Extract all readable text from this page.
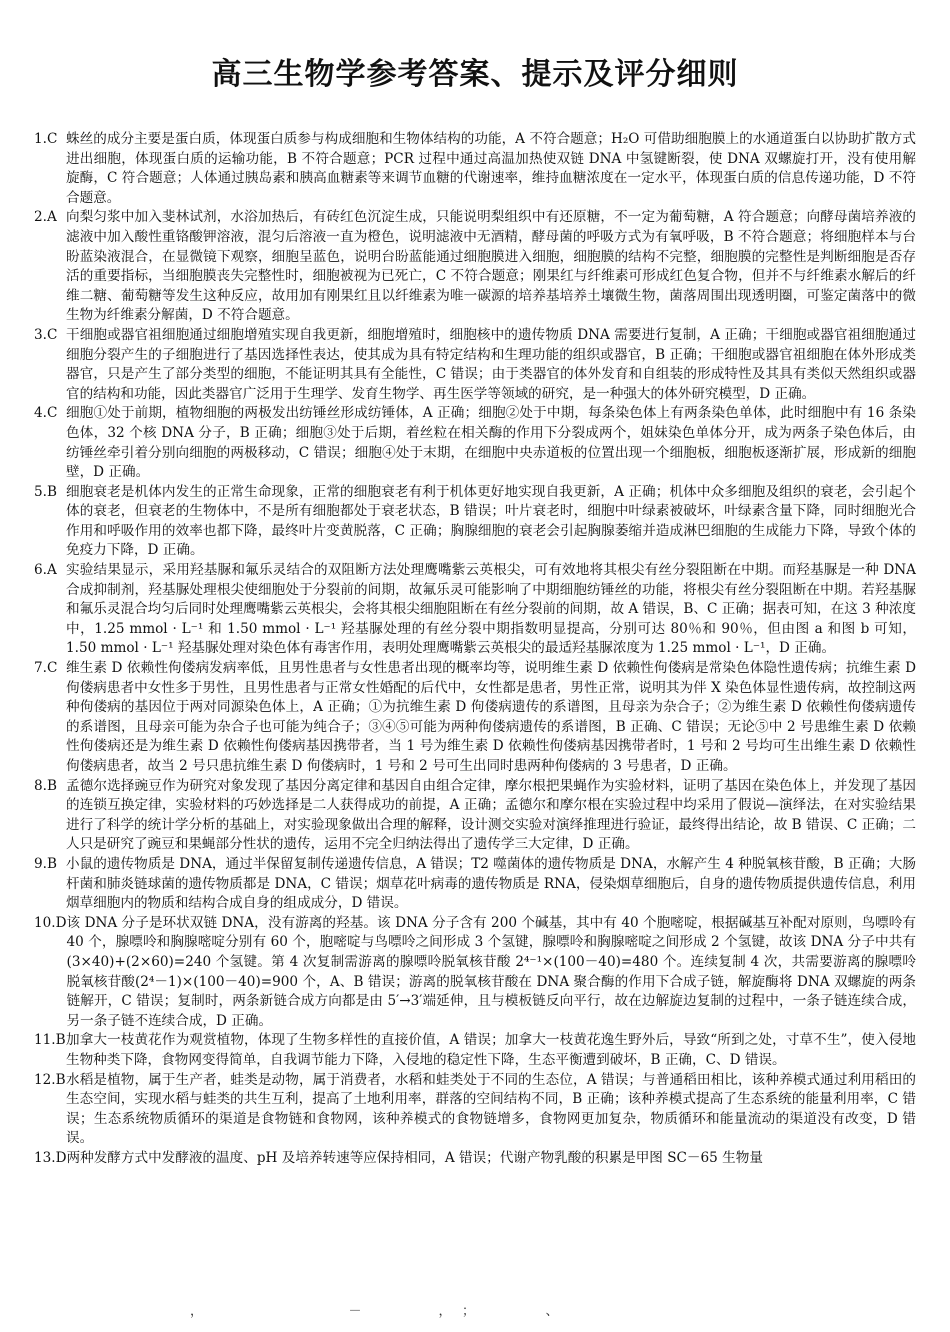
高三生物学参考答案、提示及评分细则
1.C 蛛丝的成分主要是蛋白质，体现蛋白质参与构成细胞和生物体结构的功能，A 不符合题意；H₂O 可借助细胞膜上的水通道蛋白以协助扩散方式进出细胞，体现蛋白质的运输功能，B 不符合题意；PCR 过程中通过高温加热使双链 DNA 中氢键断裂，使 DNA 双螺旋打开，没有使用解旋酶，C 符合题意；人体通过胰岛素和胰高血糖素等来调节血糖的代谢速率，维持血糖浓度在一定水平，体现蛋白质的信息传递功能，D 不符合题意。
2.A 向梨匀浆中加入斐林试剂，水浴加热后，有砖红色沉淀生成，只能说明梨组织中有还原糖，不一定为葡萄糖，A 符合题意；向酵母菌培养液的滤液中加入酸性重铬酸钾溶液，混匀后溶液一直为橙色，说明滤液中无酒精，酵母菌的呼吸方式为有氧呼吸，B 不符合题意；将细胞样本与台盼蓝染液混合，在显微镜下观察，细胞呈蓝色，说明台盼蓝能通过细胞膜进入细胞，细胞膜的结构不完整，细胞膜的完整性是判断细胞是否存活的重要指标，当细胞膜丧失完整性时，细胞被视为已死亡，C 不符合题意；刚果红与纤维素可形成红色复合物，但并不与纤维素水解后的纤维二糖、葡萄糖等发生这种反应，故用加有刚果红且以纤维素为唯一碳源的培养基培养土壤微生物，菌落周围出现透明圈，可鉴定菌落中的微生物为纤维素分解菌，D 不符合题意。
3.C 干细胞或器官祖细胞通过细胞增殖实现自我更新，细胞增殖时，细胞核中的遗传物质 DNA 需要进行复制，A 正确；干细胞或器官祖细胞通过细胞分裂产生的子细胞进行了基因选择性表达，使其成为具有特定结构和生理功能的组织或器官，B 正确；干细胞或器官祖细胞在体外形成类器官，只是产生了部分类型的细胞，不能证明其具有全能性，C 错误；由于类器官的体外发育和自组装的形成特性及其具有类似天然组织或器官的结构和功能，因此类器官广泛用于生理学、发育生物学、再生医学等领域的研究，是一种强大的体外研究模型，D 正确。
4.C 细胞①处于前期，植物细胞的两极发出纺锤丝形成纺锤体，A 正确；细胞②处于中期，每条染色体上有两条染色单体，此时细胞中有 16 条染色体，32 个核 DNA 分子，B 正确；细胞③处于后期，着丝粒在相关酶的作用下分裂成两个，姐妹染色单体分开，成为两条子染色体后，由纺锤丝牵引着分别向细胞的两极移动，C 错误；细胞④处于末期，在细胞中央赤道板的位置出现一个细胞板，细胞板逐渐扩展，形成新的细胞壁，D 正确。
5.B 细胞衰老是机体内发生的正常生命现象，正常的细胞衰老有利于机体更好地实现自我更新，A 正确；机体中众多细胞及组织的衰老，会引起个体的衰老，但衰老的生物体中，不是所有细胞都处于衰老状态，B 错误；叶片衰老时，细胞中叶绿素被破坏，叶绿素含量下降，同时细胞光合作用和呼吸作用的效率也都下降，最终叶片变黄脱落，C 正确；胸腺细胞的衰老会引起胸腺萎缩并造成淋巴细胞的生成能力下降，导致个体的免疫力下降，D 正确。
6.A 实验结果显示，采用羟基脲和氟乐灵结合的双阻断方法处理鹰嘴紫云英根尖，可有效地将其根尖有丝分裂阻断在中期。而羟基脲是一种 DNA 合成抑制剂，羟基脲处理根尖使细胞处于分裂前的间期，故氟乐灵可能影响了中期细胞纺锤丝的功能，将根尖有丝分裂阻断在中期。若羟基脲和氟乐灵混合均匀后同时处理鹰嘴紫云英根尖，会将其根尖细胞阻断在有丝分裂前的间期，故 A 错误，B、C 正确；据表可知，在这 3 种浓度中，1.25 mmol · L⁻¹ 和 1.50 mmol · L⁻¹ 羟基脲处理的有丝分裂中期指数明显提高，分别可达 80％和 90％，但由图 a 和图 b 可知，1.50 mmol · L⁻¹ 羟基脲处理对染色体有毒害作用，表明处理鹰嘴紫云英根尖的最适羟基脲浓度为 1.25 mmol · L⁻¹，D 正确。
7.C 维生素 D 依赖性佝偻病发病率低，且男性患者与女性患者出现的概率均等，说明维生素 D 依赖性佝偻病是常染色体隐性遗传病；抗维生素 D 佝偻病患者中女性多于男性，且男性患者与正常女性婚配的后代中，女性都是患者，男性正常，说明其为伴 X 染色体显性遗传病，故控制这两种佝偻病的基因位于两对同源染色体上，A 正确；①为抗维生素 D 佝偻病遗传的系谱图，且母亲为杂合子；②为维生素 D 依赖性佝偻病遗传的系谱图，且母亲可能为杂合子也可能为纯合子；③④⑤可能为两种佝偻病遗传的系谱图，B 正确、C 错误；无论⑤中 2 号患维生素 D 依赖性佝偻病还是为维生素 D 依赖性佝偻病基因携带者，当 1 号为维生素 D 依赖性佝偻病基因携带者时，1 号和 2 号均可生出维生素 D 依赖性佝偻病患者，故当 2 号只患抗维生素 D 佝偻病时，1 号和 2 号可生出同时患两种佝偻病的 3 号患者，D 正确。
8.B 孟德尔选择豌豆作为研究对象发现了基因分离定律和基因自由组合定律，摩尔根把果蝇作为实验材料，证明了基因在染色体上，并发现了基因的连锁互换定律，实验材料的巧妙选择是二人获得成功的前提，A 正确；孟德尔和摩尔根在实验过程中均采用了假说—演绎法，在对实验结果进行了科学的统计学分析的基础上，对实验现象做出合理的解释，设计测交实验对演绎推理进行验证，最终得出结论，故 B 错误、C 正确；二人只是研究了豌豆和果蝇部分性状的遗传，运用不完全归纳法得出了遗传学三大定律，D 正确。
9.B 小鼠的遗传物质是 DNA，通过半保留复制传递遗传信息，A 错误；T2 噬菌体的遗传物质是 DNA，水解产生 4 种脱氧核苷酸，B 正确；大肠杆菌和肺炎链球菌的遗传物质都是 DNA，C 错误；烟草花叶病毒的遗传物质是 RNA，侵染烟草细胞后，自身的遗传物质提供遗传信息，利用烟草细胞内的物质和结构合成自身的组成成分，D 错误。
10.D 该 DNA 分子是环状双链 DNA，没有游离的羟基。该 DNA 分子含有 200 个碱基，其中有 40 个胞嘧啶，根据碱基互补配对原则，鸟嘌呤有 40 个，腺嘌呤和胸腺嘧啶分别有 60 个，胞嘧啶与鸟嘌呤之间形成 3 个氢键，腺嘌呤和胸腺嘧啶之间形成 2 个氢键，故该 DNA 分子中共有(3×40)+(2×60)=240 个氢键。第 4 次复制需游离的腺嘌呤脱氧核苷酸 2⁴⁻¹×(100－40)=480 个。连续复制 4 次，共需要游离的腺嘌呤脱氧核苷酸(2⁴－1)×(100－40)=900 个，A、B 错误；游离的脱氧核苷酸在 DNA 聚合酶的作用下合成子链，解旋酶将 DNA 双螺旋的两条链解开，C 错误；复制时，两条新链合成方向都是由 5′→3′端延伸，且与模板链反向平行，故在边解旋边复制的过程中，一条子链连续合成，另一条子链不连续合成，D 正确。
11.B 加拿大一枝黄花作为观赏植物，体现了生物多样性的直接价值，A 错误；加拿大一枝黄花逸生野外后，导致“所到之处，寸草不生”，使入侵地生物种类下降，食物网变得简单，自我调节能力下降，入侵地的稳定性下降，生态平衡遭到破坏，B 正确，C、D 错误。
12.B 水稻是植物，属于生产者，蛙类是动物，属于消费者，水稻和蛙类处于不同的生态位，A 错误；与普通稻田相比，该种养模式通过利用稻田的生态空间，实现水稻与蛙类的共生互利，提高了土地利用率，群落的空间结构不同，B 正确；该种养模式提高了生态系统的能量利用率，C 错误；生态系统物质循环的渠道是食物链和食物网，该种养模式的食物链增多，食物网更加复杂，物质循环和能量流动的渠道没有改变，D 错误。
13.D 两种发酵方式中发酵液的温度、pH 及培养转速等应保持相同，A 错误；代谢产物乳酸的积累是甲图 SC－65 生物量
，　　　　　　　　　　－　　　　　，　；　　　　　、
